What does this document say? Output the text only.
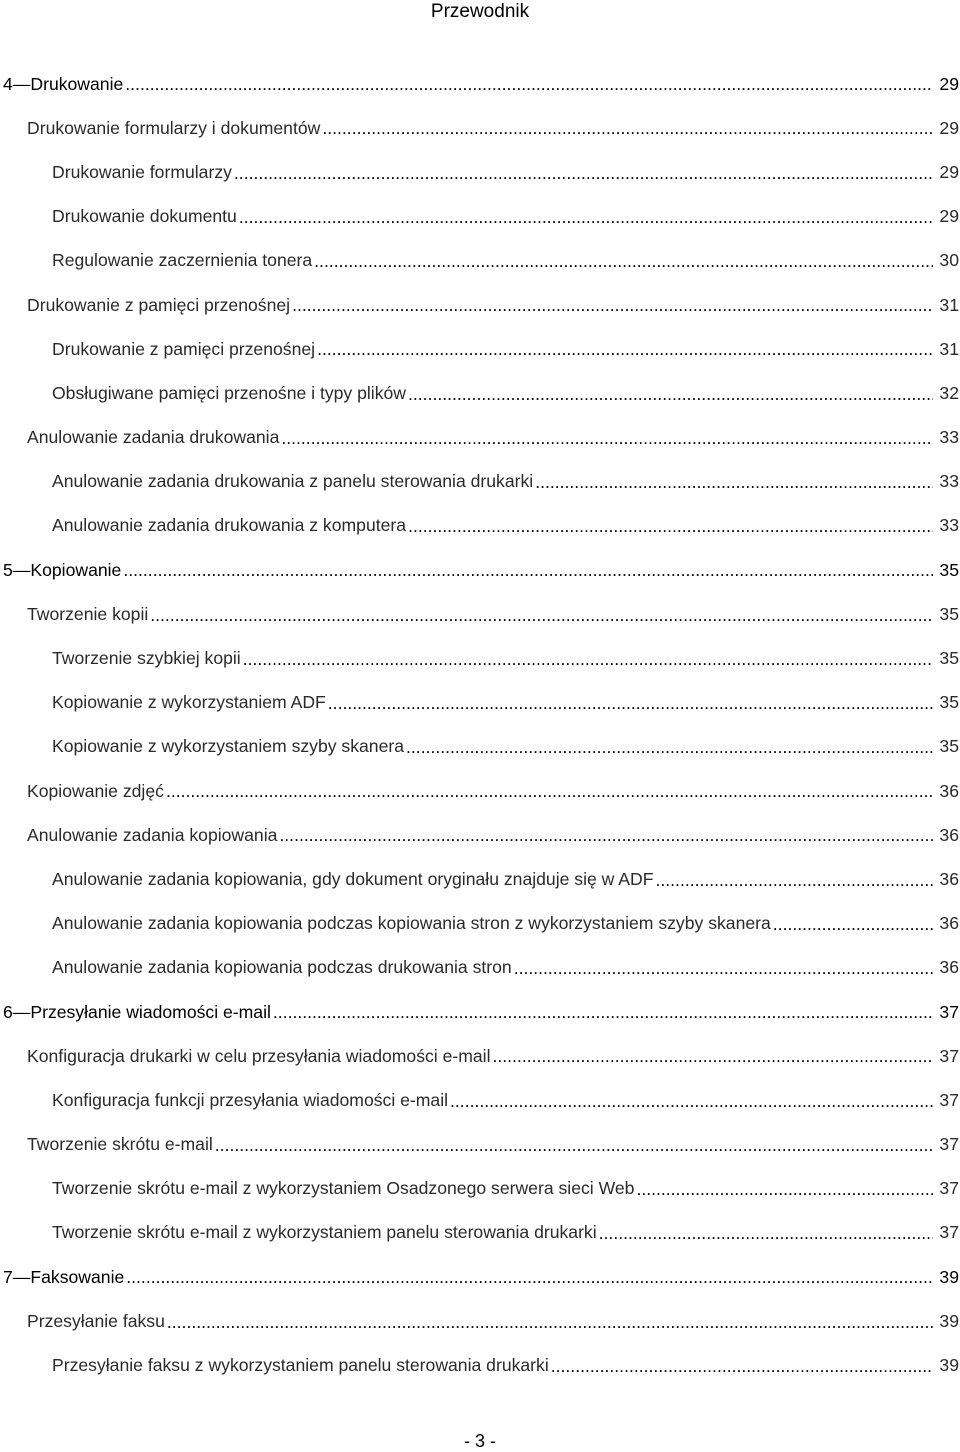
Przewodnik
4—Drukowanie .....	29
Drukowanie formularzy i dokumentów .....	29
Drukowanie formularzy .....	29
Drukowanie dokumentu .....	29
Regulowanie zaczernienia tonera .....	30
Drukowanie z pamięci przenośnej .....	31
Drukowanie z pamięci przenośnej .....	31
Obsługiwane pamięci przenośne i typy plików .....	32
Anulowanie zadania drukowania .....	33
Anulowanie zadania drukowania z panelu sterowania drukarki .....	33
Anulowanie zadania drukowania z komputera .....	33
5—Kopiowanie .....	35
Tworzenie kopii .....	35
Tworzenie szybkiej kopii .....	35
Kopiowanie z wykorzystaniem ADF .....	35
Kopiowanie z wykorzystaniem szyby skanera .....	35
Kopiowanie zdjęć .....	36
Anulowanie zadania kopiowania .....	36
Anulowanie zadania kopiowania, gdy dokument oryginału znajduje się w ADF .....	36
Anulowanie zadania kopiowania podczas kopiowania stron z wykorzystaniem szyby skanera .....	36
Anulowanie zadania kopiowania podczas drukowania stron .....	36
6—Przesyłanie wiadomości e-mail .....	37
Konfiguracja drukarki w celu przesyłania wiadomości e-mail .....	37
Konfiguracja funkcji przesyłania wiadomości e-mail .....	37
Tworzenie skrótu e-mail .....	37
Tworzenie skrótu e-mail z wykorzystaniem Osadzonego serwera sieci Web .....	37
Tworzenie skrótu e-mail z wykorzystaniem panelu sterowania drukarki .....	37
7—Faksowanie .....	39
Przesyłanie faksu .....	39
Przesyłanie faksu z wykorzystaniem panelu sterowania drukarki .....	39
- 3 -
